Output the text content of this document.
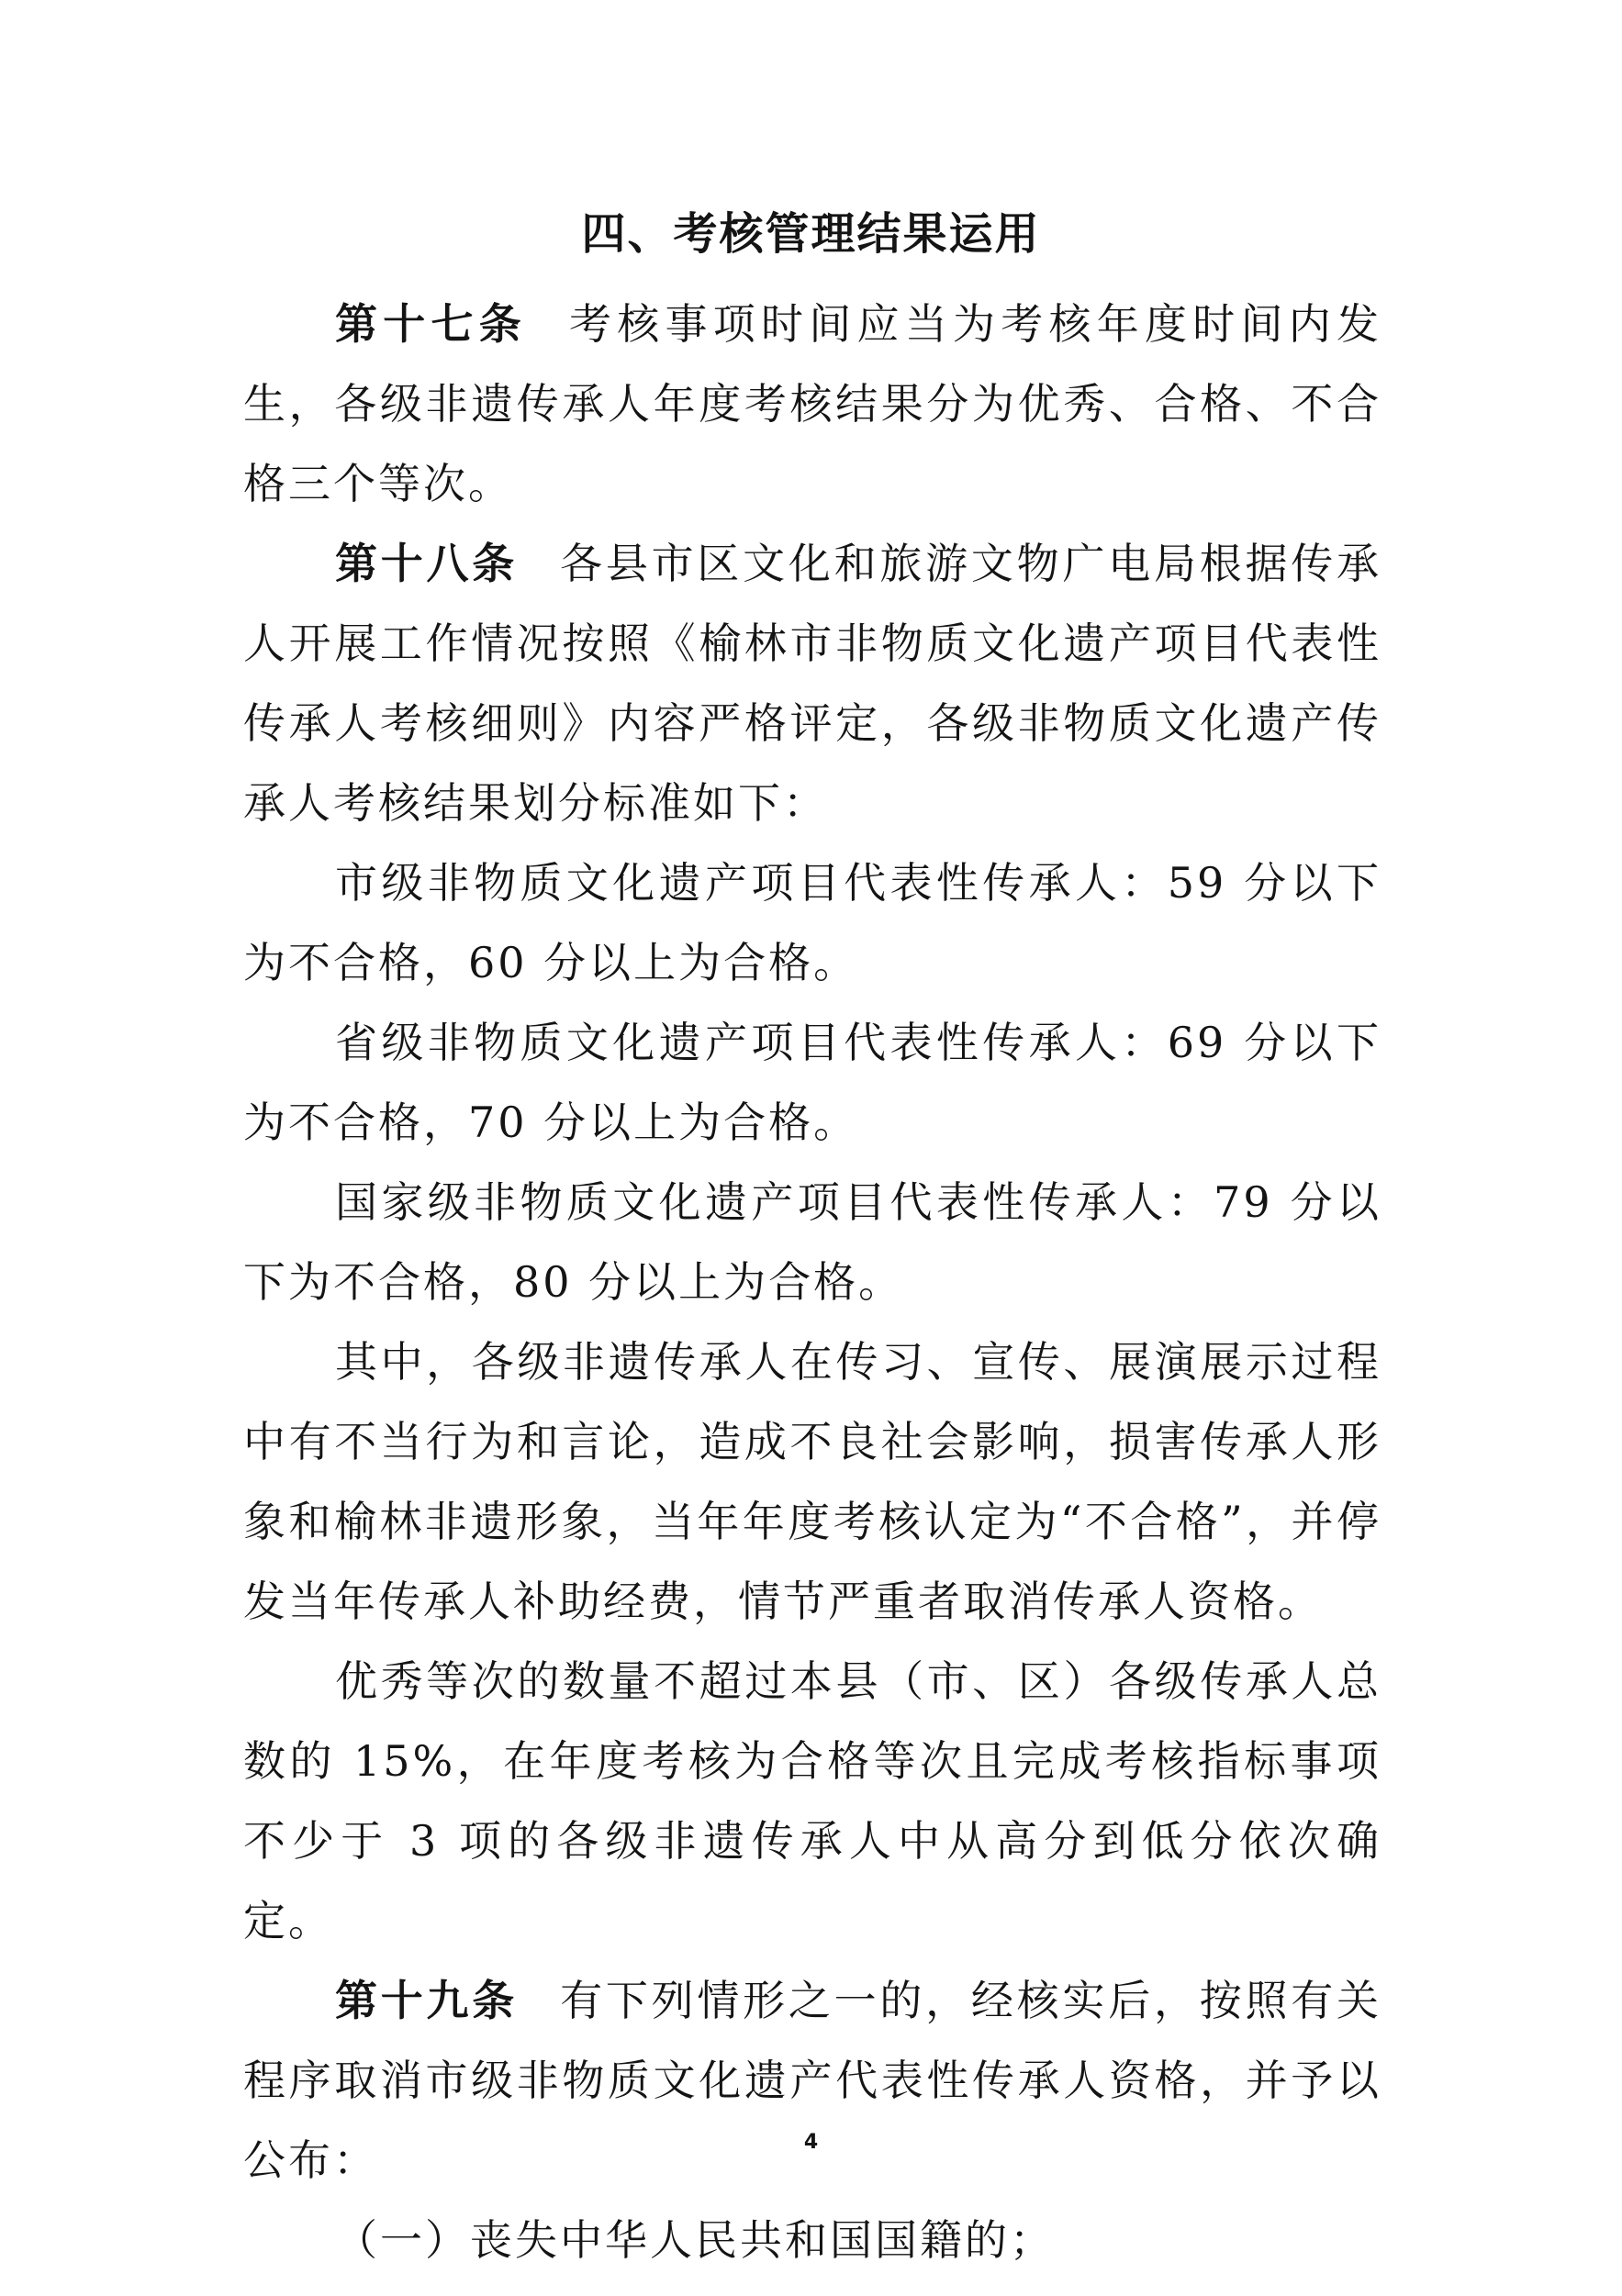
四、考核管理结果运用

第十七条 考核事项时间应当为考核年度时间内发生，各级非遗传承人年度考核结果分为优秀、合格、不合格三个等次。

第十八条 各县市区文化和旅游文物广电局根据传承人开展工作情况按照《榆林市非物质文化遗产项目代表性传承人考核细则》内容严格评定，各级非物质文化遗产传承人考核结果划分标准如下：

市级非物质文化遗产项目代表性传承人：59 分以下为不合格，60 分以上为合格。

省级非物质文化遗产项目代表性传承人：69 分以下为不合格，70 分以上为合格。

国家级非物质文化遗产项目代表性传承人：79 分以下为不合格，80 分以上为合格。

其中，各级非遗传承人在传习、宣传、展演展示过程中有不当行为和言论，造成不良社会影响，损害传承人形象和榆林非遗形象，当年年度考核认定为“不合格”，并停发当年传承人补助经费，情节严重者取消传承人资格。

优秀等次的数量不超过本县（市、区）各级传承人总数的 15%，在年度考核为合格等次且完成考核指标事项不少于 3 项的各级非遗传承人中从高分到低分依次确定。

第十九条 有下列情形之一的，经核实后，按照有关程序取消市级非物质文化遗产代表性传承人资格，并予以公布：

（一）丧失中华人民共和国国籍的；

4
